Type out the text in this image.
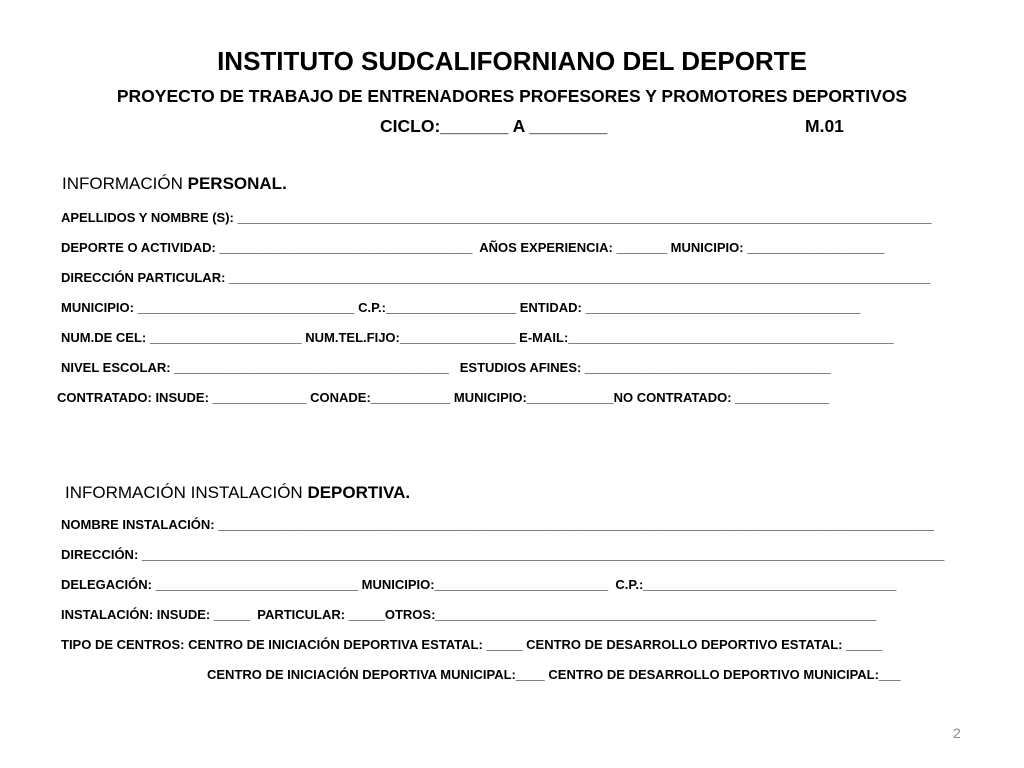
INSTITUTO SUDCALIFORNIANO DEL DEPORTE
PROYECTO DE TRABAJO DE ENTRENADORES PROFESORES Y PROMOTORES DEPORTIVOS
CICLO:_______ A ________	M.01
INFORMACIÓN PERSONAL.
APELLIDOS Y NOMBRE (S): ________________________________________________________________________________________________
DEPORTE O ACTIVIDAD: ___________________________________  AÑOS EXPERIENCIA: _______ MUNICIPIO: ___________________
DIRECCIÓN PARTICULAR: _________________________________________________________________________________________________
MUNICIPIO: ______________________________ C.P.:__________________ ENTIDAD: ______________________________________
NUM.DE CEL: _____________________ NUM.TEL.FIJO:________________ E-MAIL:_____________________________________________
NIVEL ESCOLAR: ______________________________________   ESTUDIOS AFINES: __________________________________
CONTRATADO: INSUDE: _____________ CONADE:___________ MUNICIPIO:____________NO CONTRATADO: _____________
INFORMACIÓN INSTALACIÓN DEPORTIVA.
NOMBRE INSTALACIÓN: ___________________________________________________________________________________________________
DIRECCIÓN: _______________________________________________________________________________________________________________
DELEGACIÓN: ____________________________ MUNICIPIO:________________________  C.P.:___________________________________
INSTALACIÓN: INSUDE: _____  PARTICULAR: _____OTROS:_____________________________________________________________
TIPO DE CENTROS: CENTRO DE INICIACIÓN DEPORTIVA ESTATAL: _____ CENTRO DE DESARROLLO DEPORTIVO ESTATAL: _____
CENTRO DE INICIACIÓN DEPORTIVA MUNICIPAL:____ CENTRO DE DESARROLLO DEPORTIVO MUNICIPAL:___
2
